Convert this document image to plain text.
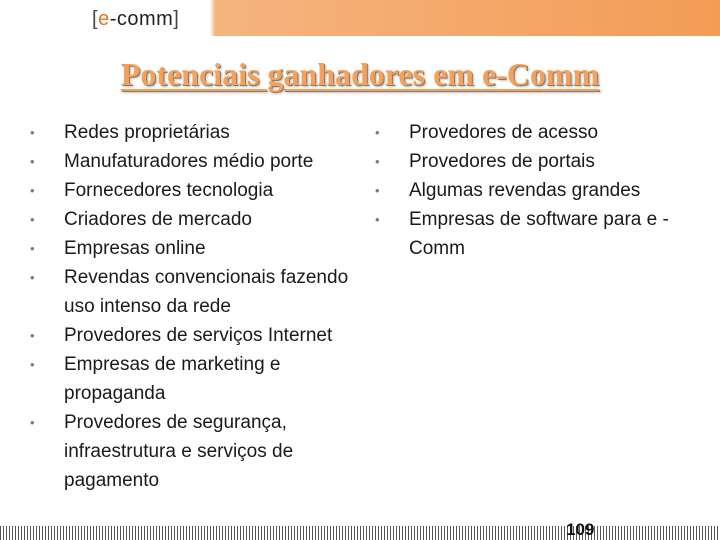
[e-comm]
Potenciais ganhadores em e-Comm
• Redes proprietárias
• Manufaturadores médio porte
• Fornecedores tecnologia
• Criadores de mercado
• Empresas online
• Revendas convencionais fazendo uso intenso da rede
• Provedores de serviços Internet
• Empresas de marketing e propaganda
• Provedores de segurança, infraestrutura e serviços de pagamento
• Provedores de acesso
• Provedores de portais
• Algumas revendas grandes
• Empresas de software para e -Comm
109
